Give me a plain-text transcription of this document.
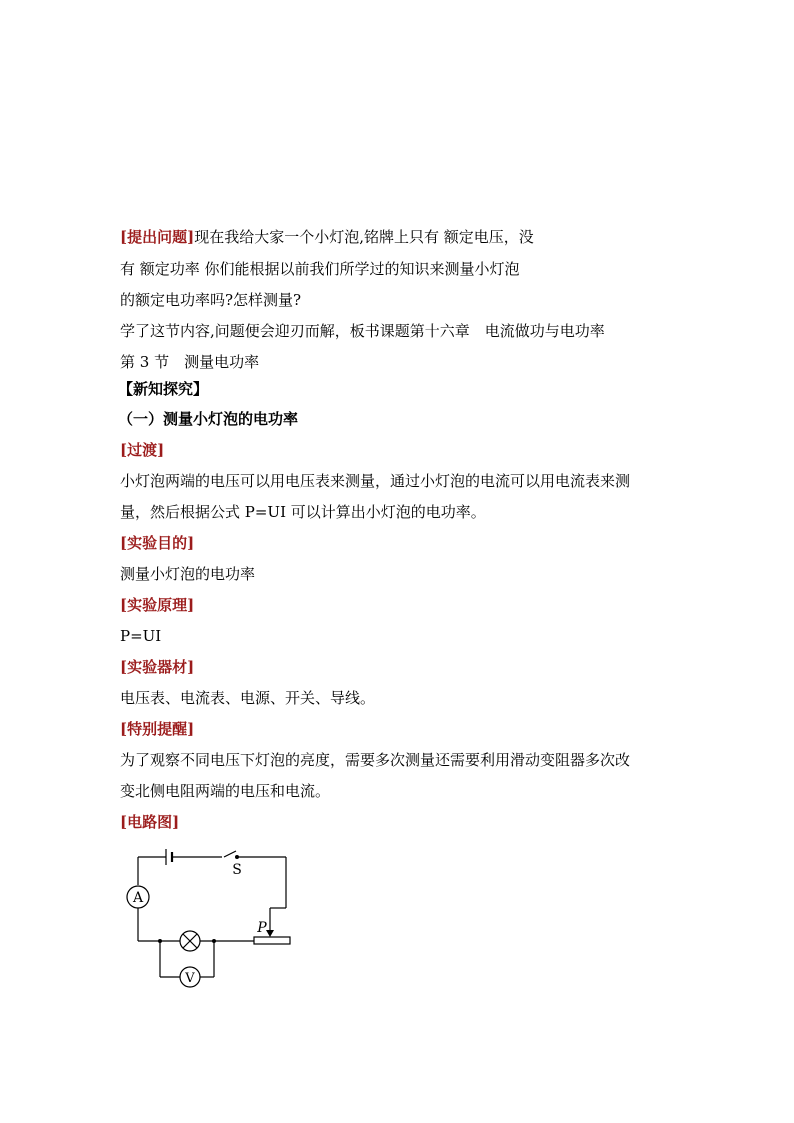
[提出问题]现在我给大家一个小灯泡,铭牌上只有 额定电压，没
有 额定功率 你们能根据以前我们所学过的知识来测量小灯泡
的额定电功率吗?怎样测量?
学了这节内容,问题便会迎刃而解，板书课题第十六章　电流做功与电功率
第 3 节　测量电功率
【新知探究】
（一）测量小灯泡的电功率
[过渡]
小灯泡两端的电压可以用电压表来测量，通过小灯泡的电流可以用电流表来测
量，然后根据公式 P=UI 可以计算出小灯泡的电功率。
[实验目的]
测量小灯泡的电功率
[实验原理]
P=UI
[实验器材]
电压表、电流表、电源、开关、导线。
[特别提醒]
为了观察不同电压下灯泡的亮度，需要多次测量还需要利用滑动变阻器多次改
变北侧电阻两端的电压和电流。
[电路图]
A
V
S
P
